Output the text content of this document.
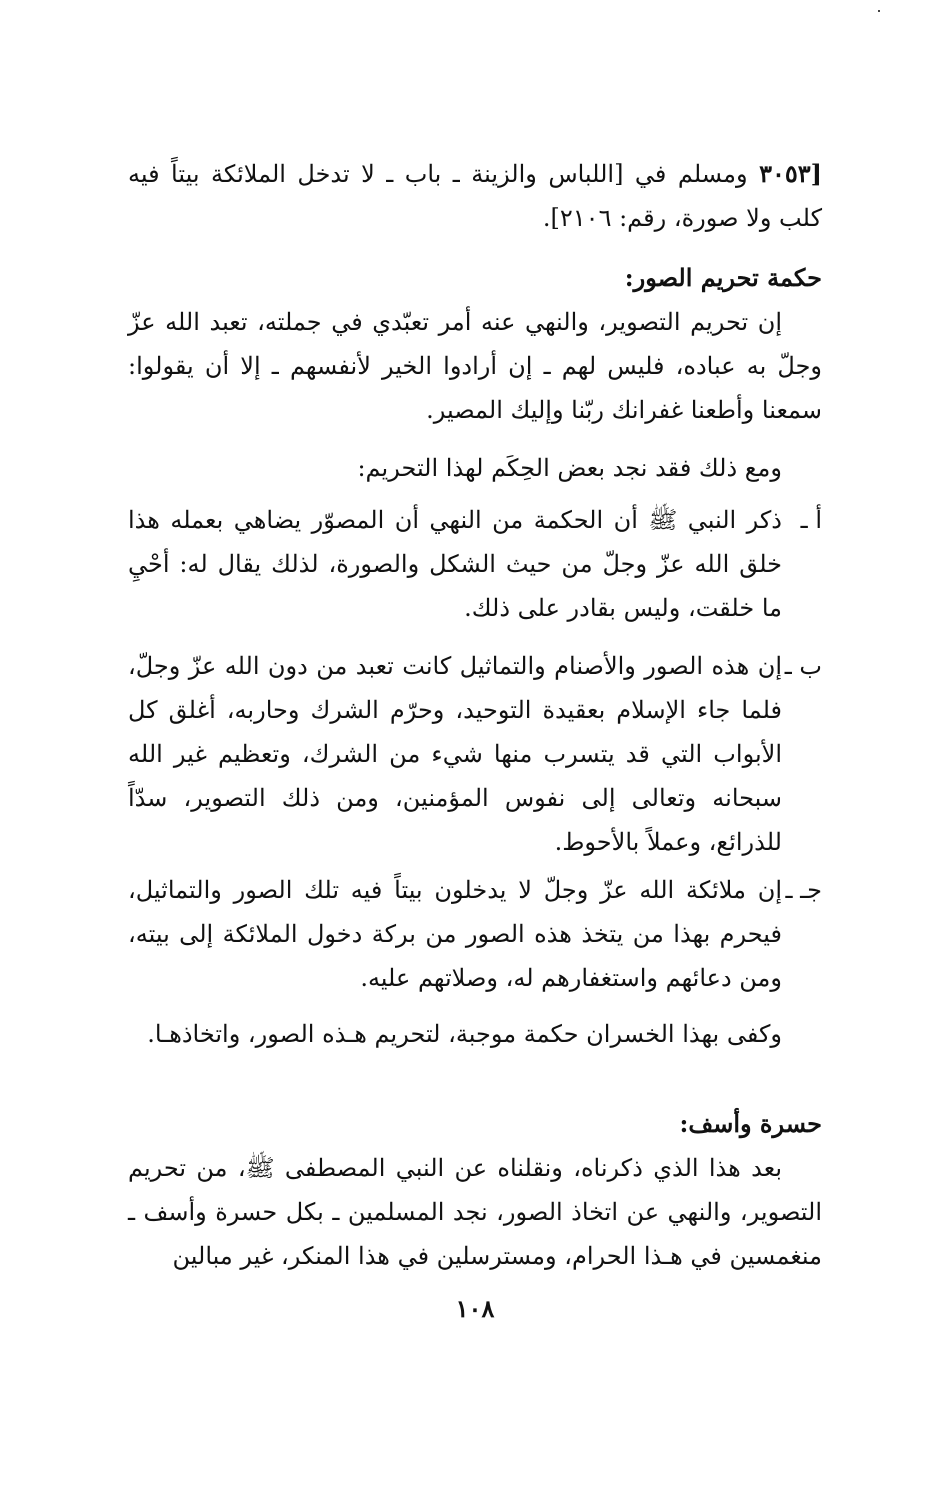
[٣٠٥٣ ومسلم في [اللباس والزينة ـ باب ـ لا تدخل الملائكة بيتاً فيه كلب ولا صورة، رقم: ٢١٠٦].
حكمة تحريم الصور:
إن تحريم التصوير، والنهي عنه أمر تعبّدي في جملته، تعبد الله عزّ وجلّ به عباده، فليس لهم ـ إن أرادوا الخير لأنفسهم ـ إلا أن يقولوا: سمعنا وأطعنا غفرانك ربّنا وإليك المصير.
ومع ذلك فقد نجد بعض الحِكَم لهذا التحريم:
أ ـ
ذكر النبي ﷺ أن الحكمة من النهي أن المصوّر يضاهي بعمله هذا خلق الله عزّ وجلّ من حيث الشكل والصورة، لذلك يقال له: أحْيِ ما خلقت، وليس بقادر على ذلك.
ب ـ
إن هذه الصور والأصنام والتماثيل كانت تعبد من دون الله عزّ وجلّ، فلما جاء الإسلام بعقيدة التوحيد، وحرّم الشرك وحاربه، أغلق كل الأبواب التي قد يتسرب منها شيء من الشرك، وتعظيم غير الله سبحانه وتعالى إلى نفوس المؤمنين، ومن ذلك التصوير، سدّاً للذرائع، وعملاً بالأحوط.
جـ ـ
إن ملائكة الله عزّ وجلّ لا يدخلون بيتاً فيه تلك الصور والتماثيل، فيحرم بهذا من يتخذ هذه الصور من بركة دخول الملائكة إلى بيته، ومن دعائهم واستغفارهم له، وصلاتهم عليه.
وكفى بهذا الخسران حكمة موجبة، لتحريم هـذه الصور، واتخاذهـا.
حسرة وأسف:
بعد هذا الذي ذكرناه، ونقلناه عن النبي المصطفى ﷺ، من تحريم التصوير، والنهي عن اتخاذ الصور، نجد المسلمين ـ بكل حسرة وأسف ـ منغمسين في هـذا الحرام، ومسترسلين في هذا المنكر، غير مبالين
١٠٨
